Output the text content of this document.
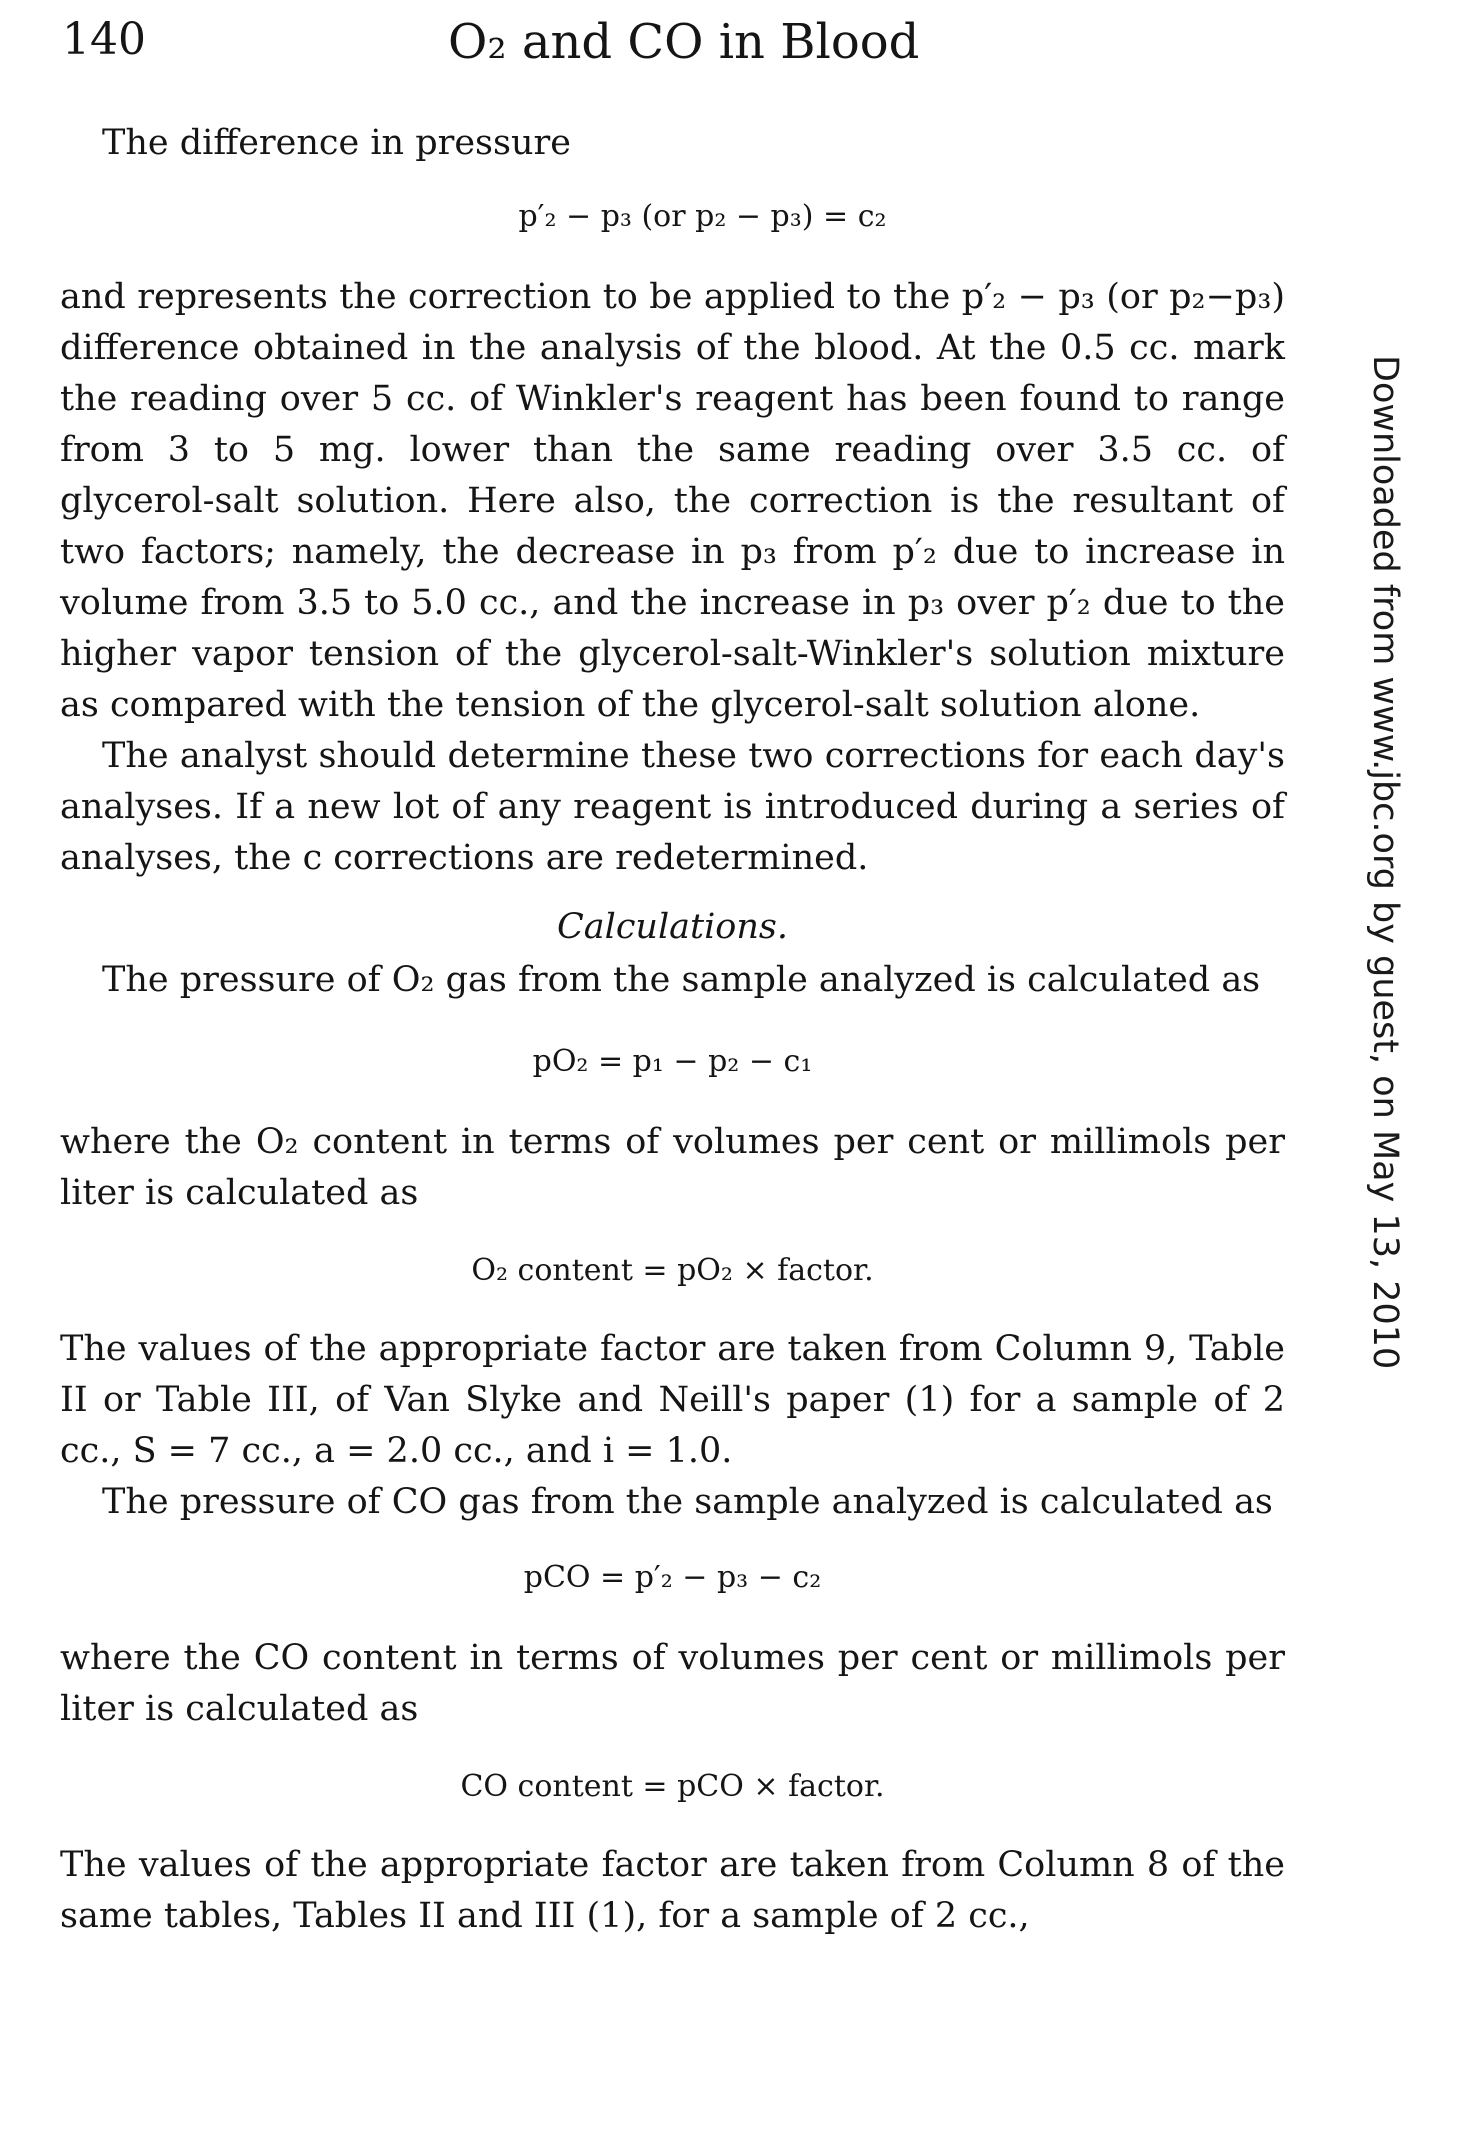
140	O₂ and CO in Blood

The difference in pressure

p′₂ − p₃ (or p₂ − p₃) = c₂

and represents the correction to be applied to the p′₂ − p₃ (or p₂−p₃) difference obtained in the analysis of the blood. At the 0.5 cc. mark the reading over 5 cc. of Winkler's reagent has been found to range from 3 to 5 mg. lower than the same reading over 3.5 cc. of glycerol-salt solution. Here also, the correction is the resultant of two factors; namely, the decrease in p₃ from p′₂ due to increase in volume from 3.5 to 5.0 cc., and the increase in p₃ over p′₂ due to the higher vapor tension of the glycerol-salt-Winkler's solution mixture as compared with the tension of the glycerol-salt solution alone.

The analyst should determine these two corrections for each day's analyses. If a new lot of any reagent is introduced during a series of analyses, the c corrections are redetermined.

Calculations.

The pressure of O₂ gas from the sample analyzed is calculated as

pO₂ = p₁ − p₂ − c₁

where the O₂ content in terms of volumes per cent or millimols per liter is calculated as

O₂ content = pO₂ × factor.

The values of the appropriate factor are taken from Column 9, Table II or Table III, of Van Slyke and Neill's paper (1) for a sample of 2 cc., S = 7 cc., a = 2.0 cc., and i = 1.0.

The pressure of CO gas from the sample analyzed is calculated as

pCO = p′₂ − p₃ − c₂

where the CO content in terms of volumes per cent or millimols per liter is calculated as

CO content = pCO × factor.

The values of the appropriate factor are taken from Column 8 of the same tables, Tables II and III (1), for a sample of 2 cc.,

Downloaded from www.jbc.org by guest, on May 13, 2010
